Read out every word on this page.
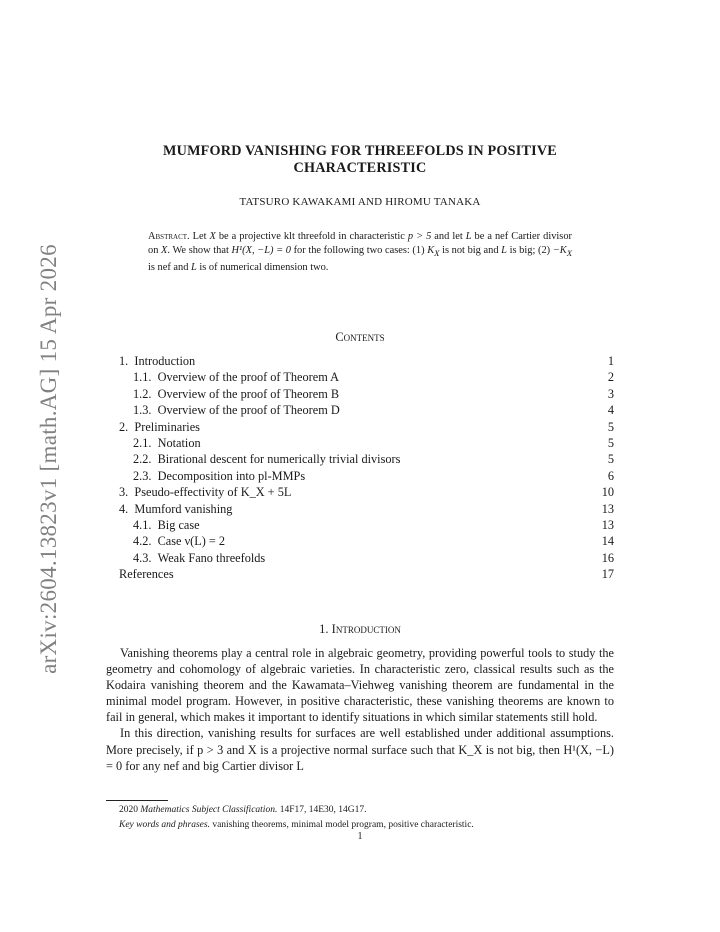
arXiv:2604.13823v1 [math.AG] 15 Apr 2026
MUMFORD VANISHING FOR THREEFOLDS IN POSITIVE
CHARACTERISTIC
TATSURO KAWAKAMI AND HIROMU TANAKA
Abstract. Let X be a projective klt threefold in characteristic p > 5 and let L be a nef Cartier divisor on X. We show that H¹(X, −L) = 0 for the following two cases: (1) $K_X$ is not big and L is big; $(2) -K_X$ is nef and L is of numerical dimension two.
Contents
1.  Introduction	1
1.1.  Overview of the proof of Theorem A	2
1.2.  Overview of the proof of Theorem B	3
1.3.  Overview of the proof of Theorem D	4
2.  Preliminaries	5
2.1.  Notation	5
2.2.  Birational descent for numerically trivial divisors	5
2.3.  Decomposition into pl-MMPs	6
3.  Pseudo-effectivity of K_X + 5L	10
4.  Mumford vanishing	13
4.1.  Big case	13
4.2.  Case ν(L) = 2	14
4.3.  Weak Fano threefolds	16
References	17
1. Introduction

Vanishing theorems play a central role in algebraic geometry, providing powerful tools to study the geometry and cohomology of algebraic varieties. In characteristic zero, classical results such as the Kodaira vanishing theorem and the Kawamata–Viehweg vanishing theorem are fundamental in the minimal model program. However, in positive characteristic, these vanishing theorems are known to fail in general, which makes it important to identify situations in which similar statements still hold.

In this direction, vanishing results for surfaces are well established under additional assumptions. More precisely, if p > 3 and X is a projective normal surface such that K_X is not big, then H¹(X, −L) = 0 for any nef and big Cartier divisor L

2020 Mathematics Subject Classification. 14F17, 14E30, 14G17.
Key words and phrases. vanishing theorems, minimal model program, positive characteristic.
1
